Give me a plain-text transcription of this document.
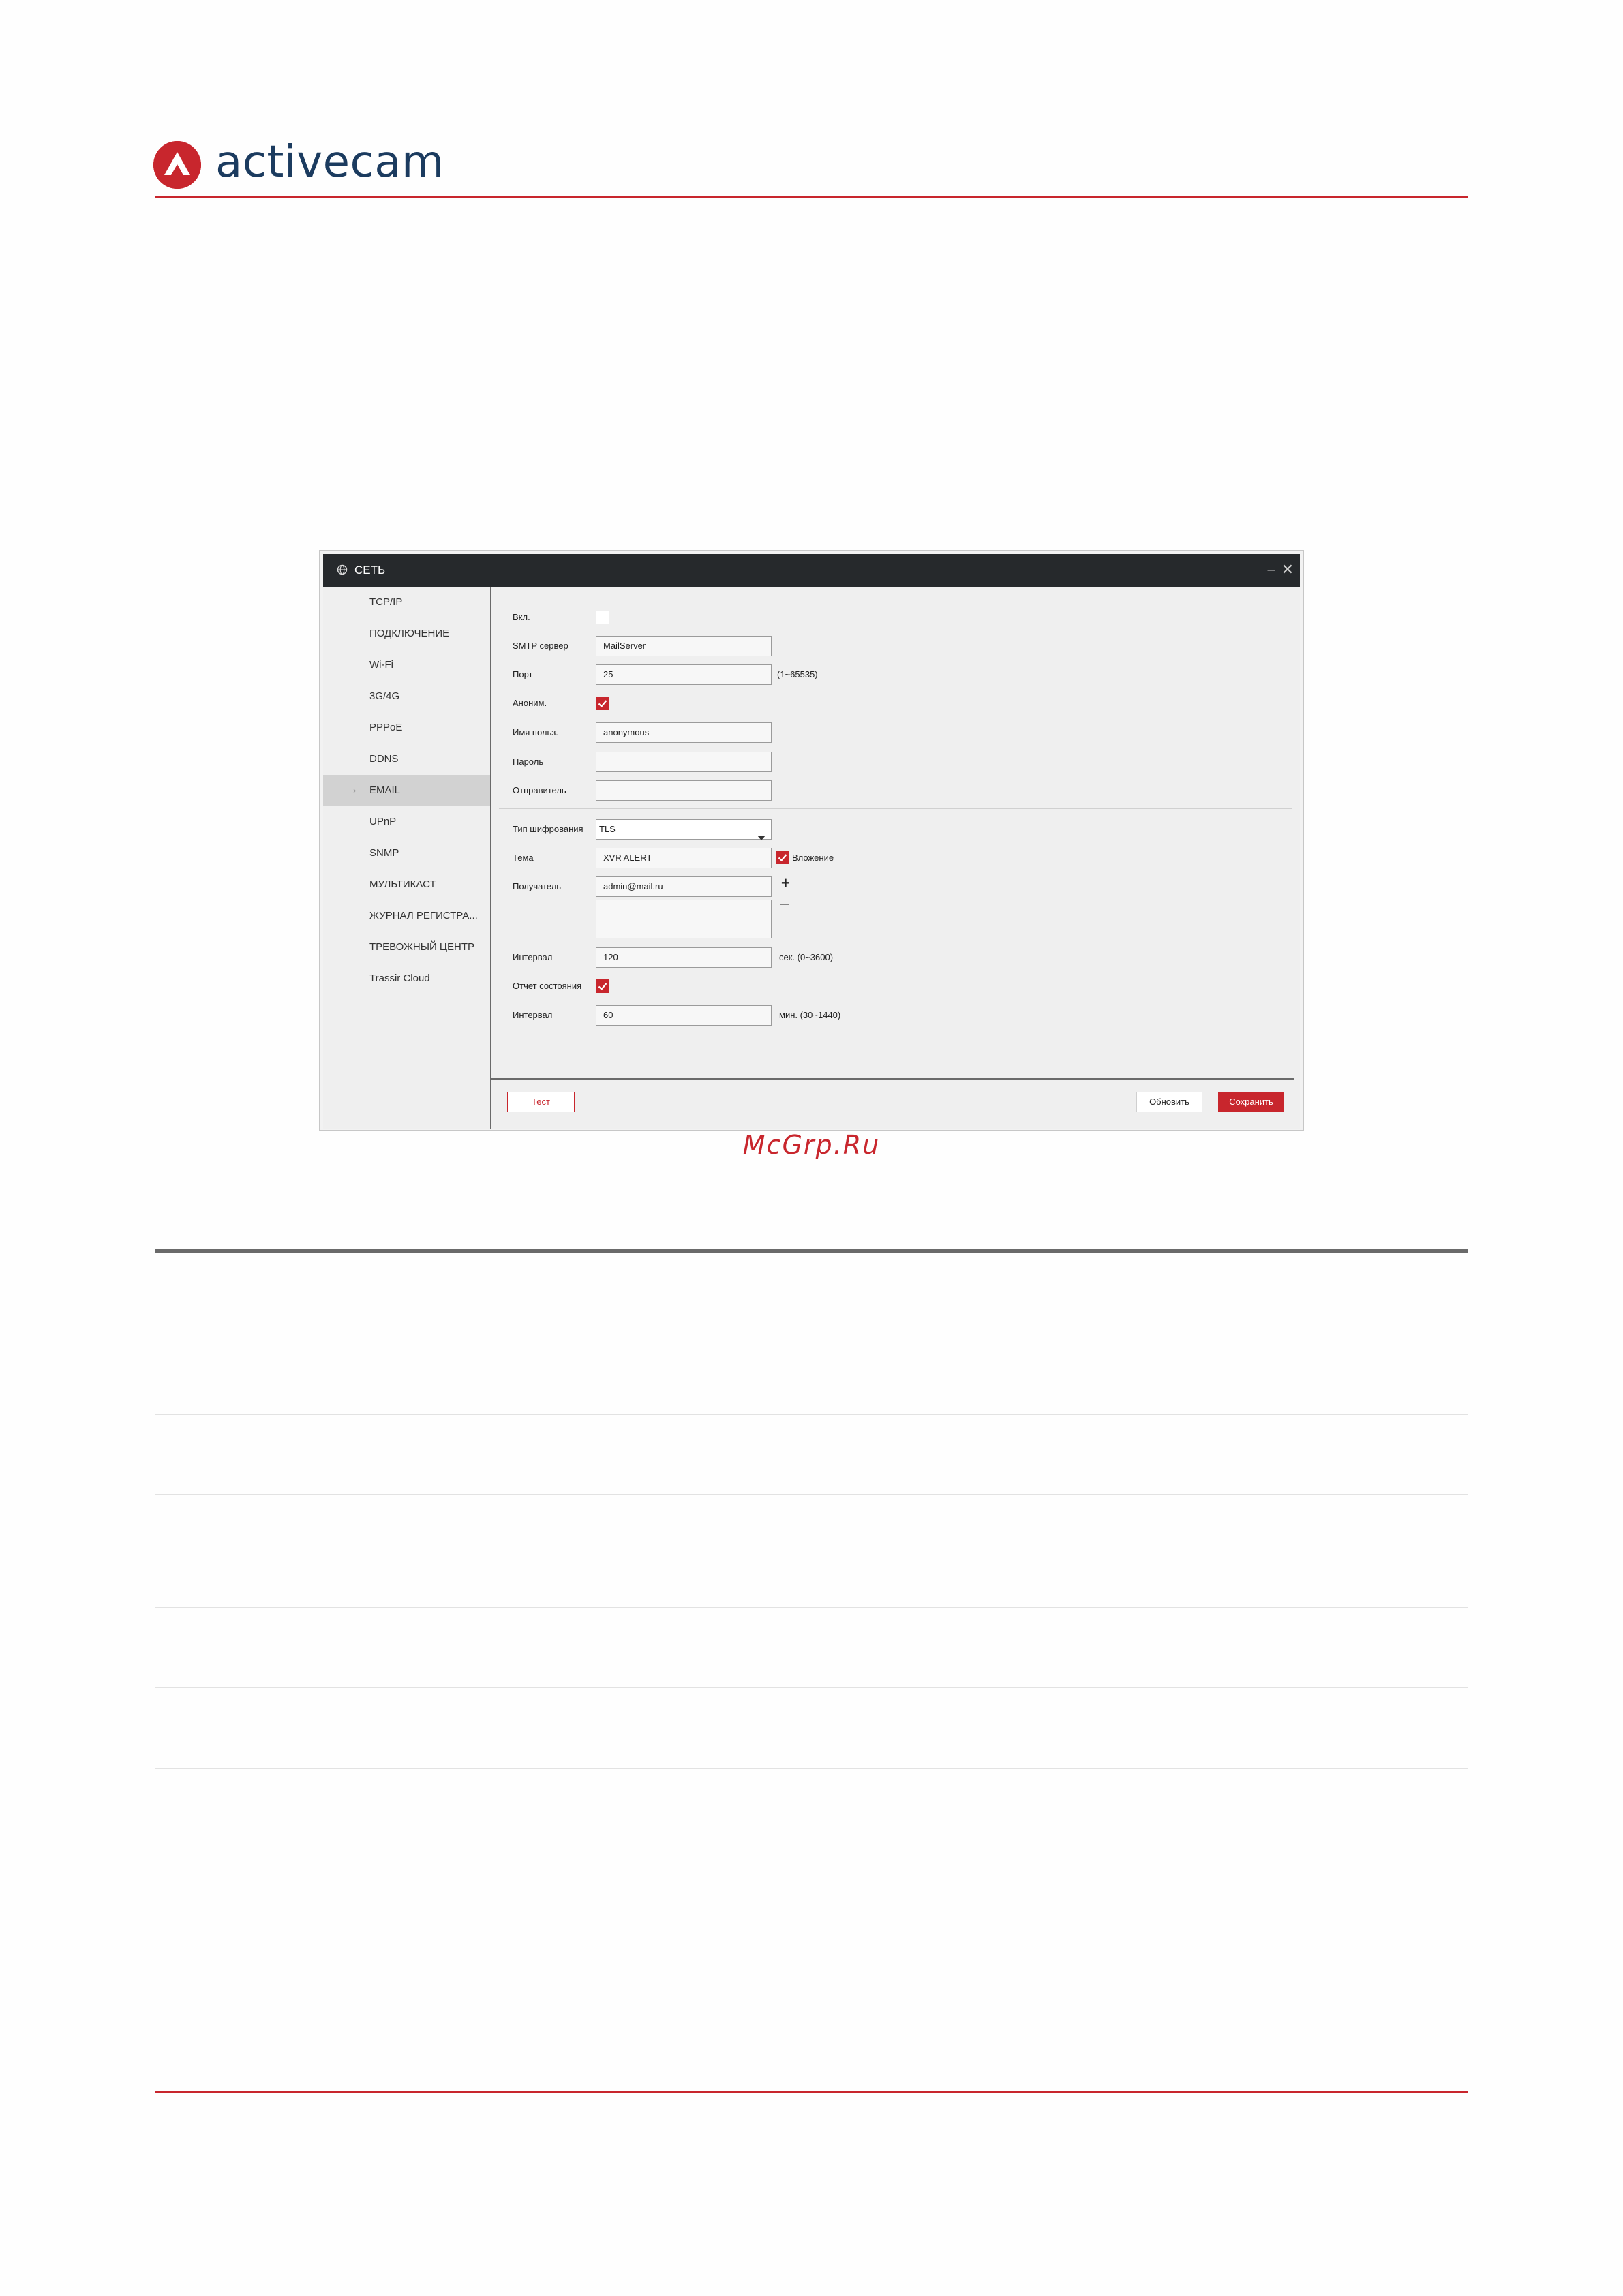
activecam
СЕТЬ	– ✕
TCP/IP
ПОДКЛЮЧЕНИЕ
Wi-Fi
3G/4G
PPPoE
DDNS
› EMAIL
UPnP
SNMP
МУЛЬТИКАСТ
ЖУРНАЛ РЕГИСТРА...
ТРЕВОЖНЫЙ ЦЕНТР
Trassir Cloud
Вкл.
SMTP сервер	MailServer
Порт	25	(1~65535)
Аноним.
Имя польз.	anonymous
Пароль
Отправитель
Тип шифрования	TLS
Тема	XVR ALERT	Вложение
Получатель	admin@mail.ru	+
—
Интервал	120	сек. (0~3600)
Отчет состояния
Интервал	60	мин. (30~1440)
Тест	Обновить	Сохранить
McGrp.Ru
